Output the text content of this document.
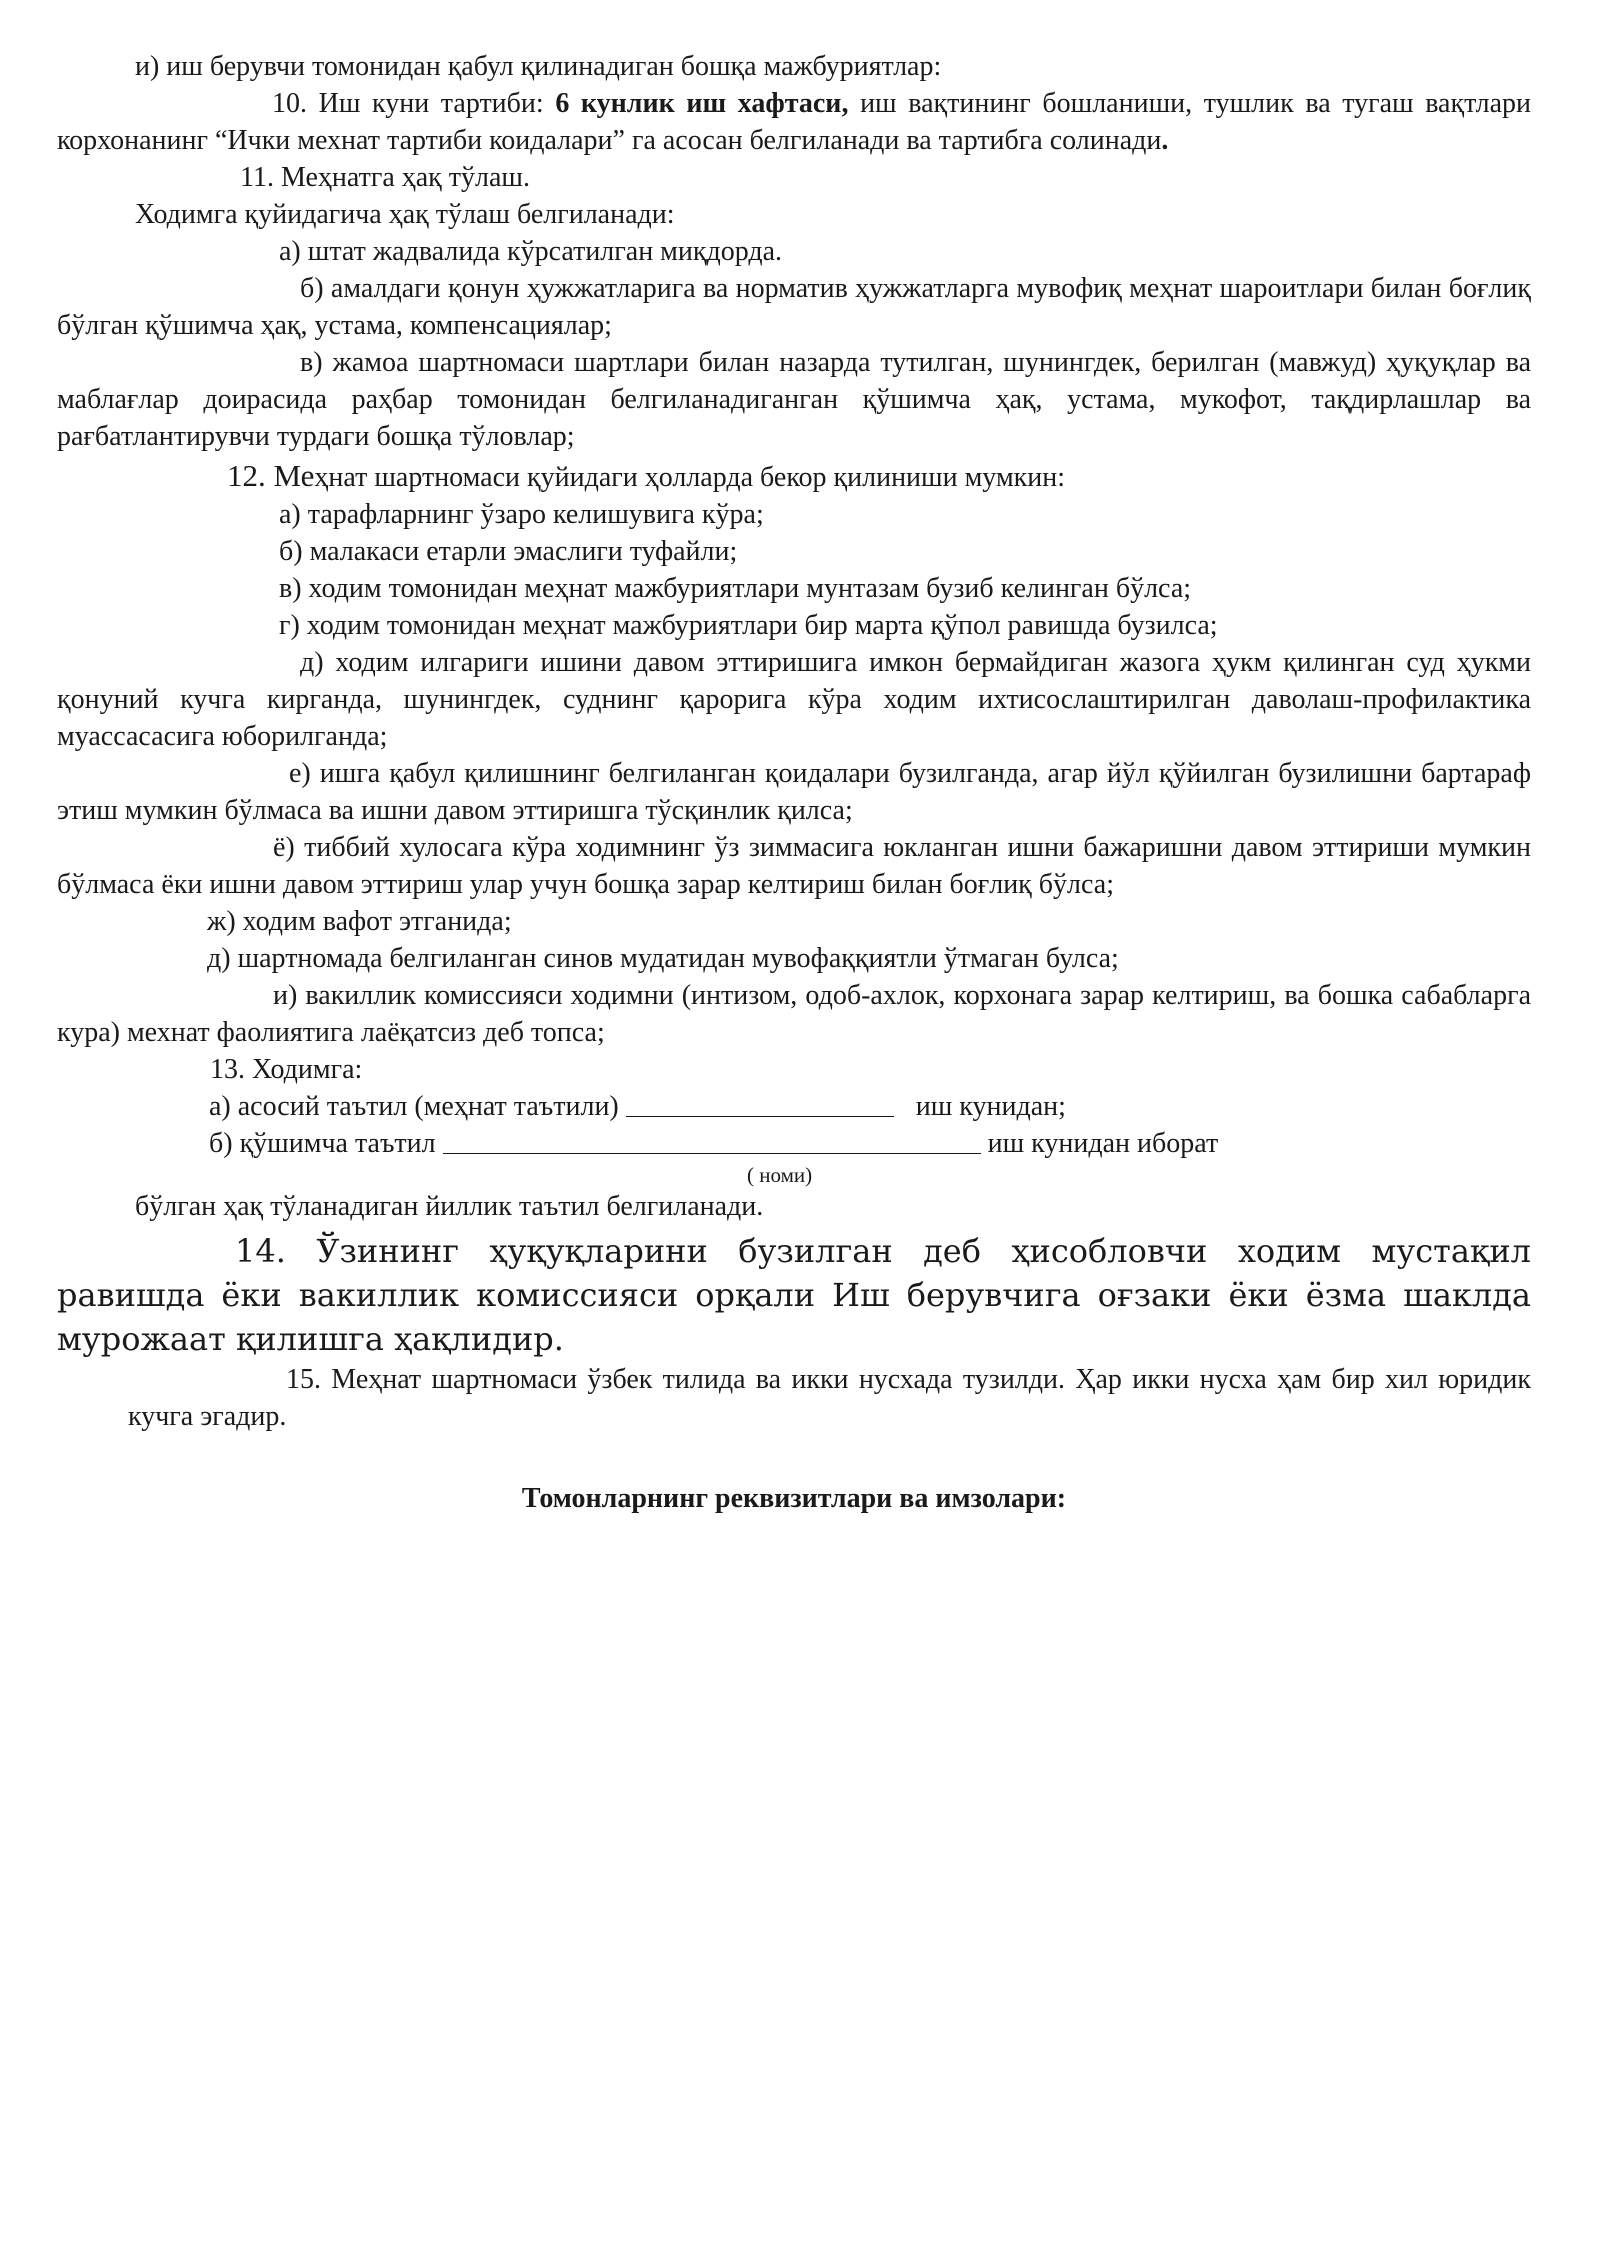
и) иш берувчи томонидан қабул қилинадиган бошқа мажбуриятлар:

10. Иш куни тартиби: 6 кунлик иш хафтаси, иш вақтининг бошланиши, тушлик ва тугаш вақтлари корхонанинг “Ички мехнат тартиби коидалари” га асосан белгиланади ва тартибга солинади.

11. Меҳнатга ҳақ тўлаш.

Ходимга қуйидагича ҳақ тўлаш белгиланади:

а) штат жадвалида кўрсатилган миқдорда.

б) амалдаги қонун ҳужжатларига ва норматив ҳужжатларга мувофиқ меҳнат шароитлари билан боғлиқ бўлган қўшимча ҳақ, устама, компенсациялар;

в) жамоа шартномаси шартлари билан назарда тутилган, шунингдек, берилган (мавжуд) ҳуқуқлар ва маблағлар доирасида раҳбар томонидан белгиланадиганган қўшимча ҳақ, устама, мукофот, тақдирлашлар ва рағбатлантирувчи турдаги бошқа тўловлар;

12. Меҳнат шартномаси қуйидаги ҳолларда бекор қилиниши мумкин:

а) тарафларнинг ўзаро келишувига кўра;

б) малакаси етарли эмаслиги туфайли;

в) ходим томонидан меҳнат мажбуриятлари мунтазам бузиб келинган бўлса;

г) ходим томонидан меҳнат мажбуриятлари бир марта қўпол равишда бузилса;

д) ходим илгариги ишини давом эттиришига имкон бермайдиган жазога ҳукм қилинган суд ҳукми қонуний кучга кирганда, шунингдек, суднинг қарорига кўра ходим ихтисослаштирилган даволаш-профилактика муассасасига юборилганда;

е) ишга қабул қилишнинг белгиланган қоидалари бузилганда, агар йўл қўйилган бузилишни бартараф этиш мумкин бўлмаса ва ишни давом эттиришга тўсқинлик қилса;

ё) тиббий хулосага кўра ходимнинг ўз зиммасига юкланган ишни бажаришни давом эттириши мумкин бўлмаса ёки ишни давом эттириш улар учун бошқа зарар келтириш билан боғлиқ бўлса;

ж) ходим вафот этганида;

д) шартномада белгиланган синов мудатидан мувофаққиятли ўтмаган булса;

и) вакиллик комиссияси ходимни (интизом, одоб-ахлок, корхонага зарар келтириш, ва бошка сабабларга кура) мехнат фаолиятига лаёқатсиз деб топса;

13. Ходимга:

а) асосий таътил (меҳнат таътили)	иш кунидан;

б) қўшимча таътил	иш кунидан иборат

( номи)

бўлган ҳақ тўланадиган йиллик таътил белгиланади.

14. Ўзининг ҳуқуқларини бузилган деб ҳисобловчи ходим мустақил равишда ёки вакиллик комиссияси орқали Иш берувчига оғзаки ёки ёзма шаклда мурожаат қилишга ҳақлидир.

15. Меҳнат шартномаси ўзбек тилида ва икки нусхада тузилди. Ҳар икки нусха ҳам бир хил юридик кучга эгадир.

Томонларнинг реквизитлари ва имзолари:
